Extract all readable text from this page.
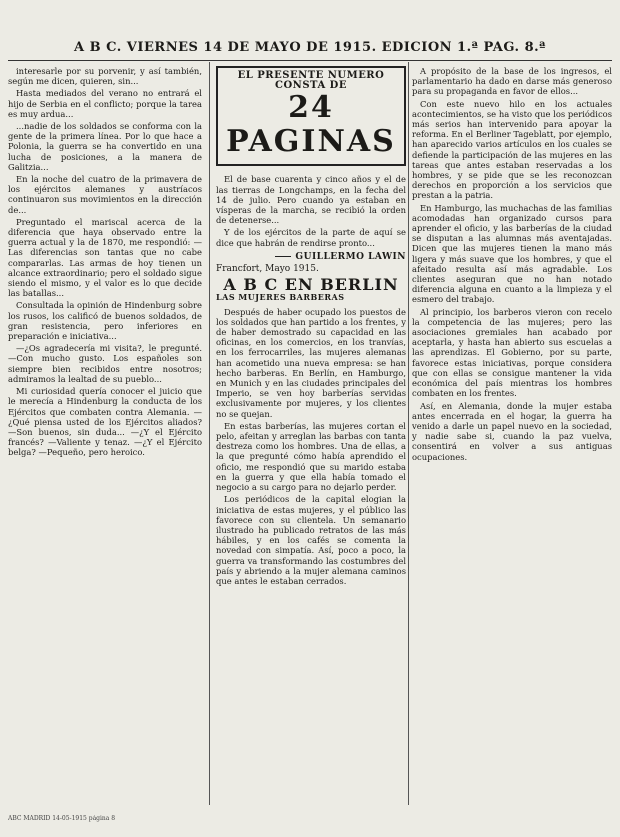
A B C. VIERNES 14 DE MAYO DE 1915. EDICION 1.ª PAG. 8.ª

interesarle por su porvenir, y así también, según me dicen, quieren, sin...

Hasta mediados del verano no entrará el hijo de Serbia en el conflicto; porque la tarea es muy ardua...

...nadie de los soldados se conforma con la gente de la primera línea. Por lo que hace a Polonia, la guerra se ha convertido en una lucha de posiciones, a la manera de Galitzia...

En la noche del cuatro de la primavera de los ejércitos alemanes y austríacos continuaron sus movimientos en la dirección de...

Preguntado el mariscal acerca de la diferencia que haya observado entre la guerra actual y la de 1870, me respondió: —Las diferencias son tantas que no cabe compararlas. Las armas de hoy tienen un alcance extraordinario; pero el soldado sigue siendo el mismo, y el valor es lo que decide las batallas...

Consultada la opinión de Hindenburg sobre los rusos, los calificó de buenos soldados, de gran resistencia, pero inferiores en preparación e iniciativa...

—¿Os agradecería mi visita?, le pregunté. —Con mucho gusto. Los españoles son siempre bien recibidos entre nosotros; admiramos la lealtad de su pueblo...

Mi curiosidad quería conocer el juicio que le merecía a Hindenburg la conducta de los Ejércitos que combaten contra Alemania. —¿Qué piensa usted de los Ejércitos aliados? —Son buenos, sin duda... —¿Y el Ejército francés? —Valiente y tenaz. —¿Y el Ejército belga? —Pequeño, pero heroico.

EL PRESENTE NUMERO CONSTA DE
24 PAGINAS

El de base cuarenta y cinco años y el de las tierras de Longchamps, en la fecha del 14 de julio. Pero cuando ya estaban en vísperas de la marcha, se recibió la orden de detenerse...

Y de los ejércitos de la parte de aquí se dice que habrán de rendirse pronto...

GUILLERMO LAWIN
Francfort, Mayo 1915.
A B C EN BERLIN
LAS MUJERES BARBERAS

Después de haber ocupado los puestos de los soldados que han partido a los frentes, y de haber demostrado su capacidad en las oficinas, en los comercios, en los tranvías, en los ferrocarriles, las mujeres alemanas han acometido una nueva empresa: se han hecho barberas. En Berlín, en Hamburgo, en Munich y en las ciudades principales del Imperio, se ven hoy barberías servidas exclusivamente por mujeres, y los clientes no se quejan.

En estas barberías, las mujeres cortan el pelo, afeitan y arreglan las barbas con tanta destreza como los hombres. Una de ellas, a la que pregunté cómo había aprendido el oficio, me respondió que su marido estaba en la guerra y que ella había tomado el negocio a su cargo para no dejarlo perder.

Los periódicos de la capital elogian la iniciativa de estas mujeres, y el público las favorece con su clientela. Un semanario ilustrado ha publicado retratos de las más hábiles, y en los cafés se comenta la novedad con simpatía. Así, poco a poco, la guerra va transformando las costumbres del país y abriendo a la mujer alemana caminos que antes le estaban cerrados.

A propósito de la base de los ingresos, el parlamentario ha dado en darse más generoso para su propaganda en favor de ellos...

Con este nuevo hilo en los actuales acontecimientos, se ha visto que los periódicos más serios han intervenido para apoyar la reforma. En el Berliner Tageblatt, por ejemplo, han aparecido varios artículos en los cuales se defiende la participación de las mujeres en las tareas que antes estaban reservadas a los hombres, y se pide que se les reconozcan derechos en proporción a los servicios que prestan a la patria.

En Hamburgo, las muchachas de las familias acomodadas han organizado cursos para aprender el oficio, y las barberías de la ciudad se disputan a las alumnas más aventajadas. Dicen que las mujeres tienen la mano más ligera y más suave que los hombres, y que el afeitado resulta así más agradable. Los clientes aseguran que no han notado diferencia alguna en cuanto a la limpieza y el esmero del trabajo.

Al principio, los barberos vieron con recelo la competencia de las mujeres; pero las asociaciones gremiales han acabado por aceptarla, y hasta han abierto sus escuelas a las aprendizas. El Gobierno, por su parte, favorece estas iniciativas, porque considera que con ellas se consigue mantener la vida económica del país mientras los hombres combaten en los frentes.

Así, en Alemania, donde la mujer estaba antes encerrada en el hogar, la guerra ha venido a darle un papel nuevo en la sociedad, y nadie sabe si, cuando la paz vuelva, consentirá en volver a sus antiguas ocupaciones.

ABC MADRID 14-05-1915 página 8
